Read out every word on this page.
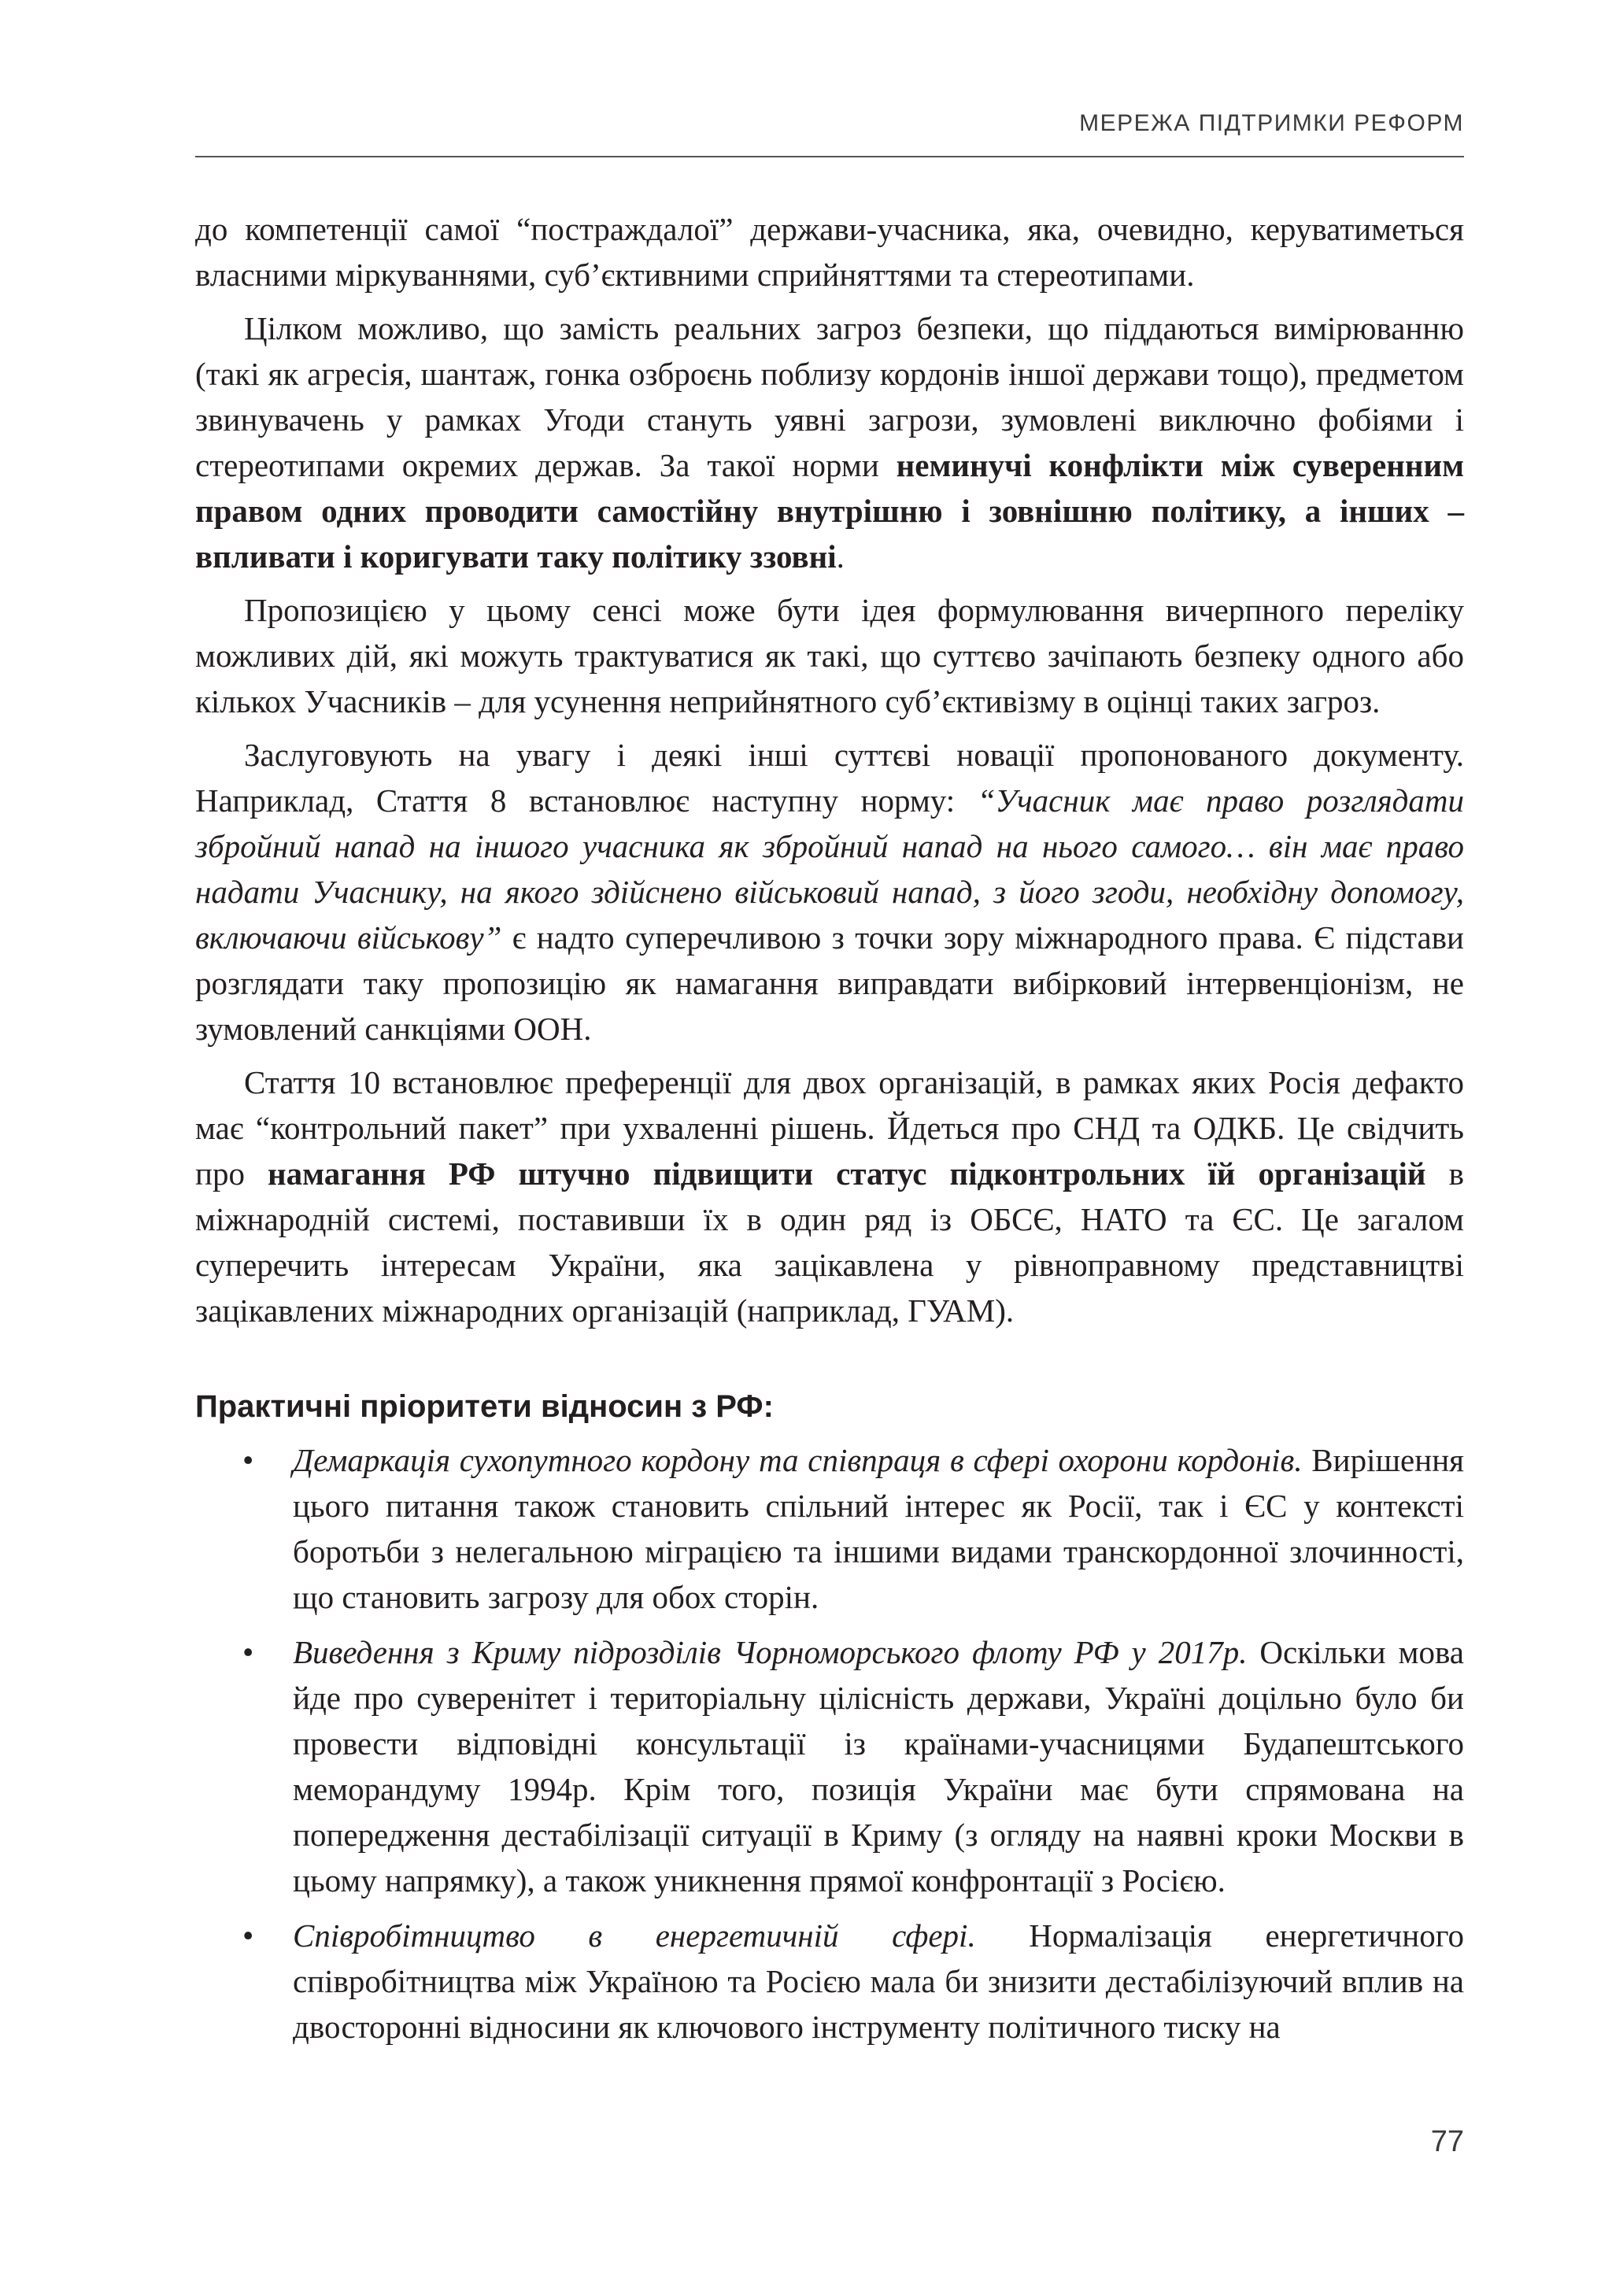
МЕРЕЖА ПІДТРИМКИ РЕФОРМ

до компетенції самої “постраждалої” держави-учасника, яка, очевидно, керуватиметься власними міркуваннями, суб’єктивними сприйняттями та стереотипами.

Цілком можливо, що замість реальних загроз безпеки, що піддаються вимірюванню (такі як агресія, шантаж, гонка озброєнь поблизу кордонів іншої держави тощо), предметом звинувачень у рамках Угоди стануть уявні загрози, зумовлені виключно фобіями і стереотипами окремих держав. За такої норми неминучі конфлікти між суверенним правом одних проводити самостійну внутрішню і зовнішню політику, а інших – впливати і коригувати таку політику ззовні.

Пропозицією у цьому сенсі може бути ідея формулювання вичерпного переліку можливих дій, які можуть трактуватися як такі, що суттєво зачіпають безпеку одного або кількох Учасників – для усунення неприйнятного суб’єктивізму в оцінці таких загроз.

Заслуговують на увагу і деякі інші суттєві новації пропонованого документу. Наприклад, Стаття 8 встановлює наступну норму: “Учасник має право розглядати збройний напад на іншого учасника як збройний напад на нього самого… він має право надати Учаснику, на якого здійснено військовий напад, з його згоди, необхідну допомогу, включаючи військову” є надто суперечливою з точки зору міжнародного права. Є підстави розглядати таку пропозицію як намагання виправдати вибірковий інтервенціонізм, не зумовлений санкціями ООН.

Стаття 10 встановлює преференції для двох організацій, в рамках яких Росія дефакто має “контрольний пакет” при ухваленні рішень. Йдеться про СНД та ОДКБ. Це свідчить про намагання РФ штучно підвищити статус підконтрольних їй організацій в міжнародній системі, поставивши їх в один ряд із ОБСЄ, НАТО та ЄС. Це загалом суперечить інтересам України, яка зацікавлена у рівноправному представництві зацікавлених міжнародних організацій (наприклад, ГУАМ).

Практичні пріоритети відносин з РФ:
• Демаркація сухопутного кордону та співпраця в сфері охорони кордонів. Вирішення цього питання також становить спільний інтерес як Росії, так і ЄС у контексті боротьби з нелегальною міграцією та іншими видами транскордонної злочинності, що становить загрозу для обох сторін.
• Виведення з Криму підрозділів Чорноморського флоту РФ у 2017р. Оскільки мова йде про суверенітет і територіальну цілісність держави, Україні доцільно було би провести відповідні консультації із країнами-учасницями Будапештського меморандуму 1994р. Крім того, позиція України має бути спрямована на попередження дестабілізації ситуації в Криму (з огляду на наявні кроки Москви в цьому напрямку), а також уникнення прямої конфронтації з Росією.
• Співробітництво в енергетичній сфері. Нормалізація енергетичного співробітництва між Україною та Росією мала би знизити дестабілізуючий вплив на двосторонні відносини як ключового інструменту політичного тиску на
77
